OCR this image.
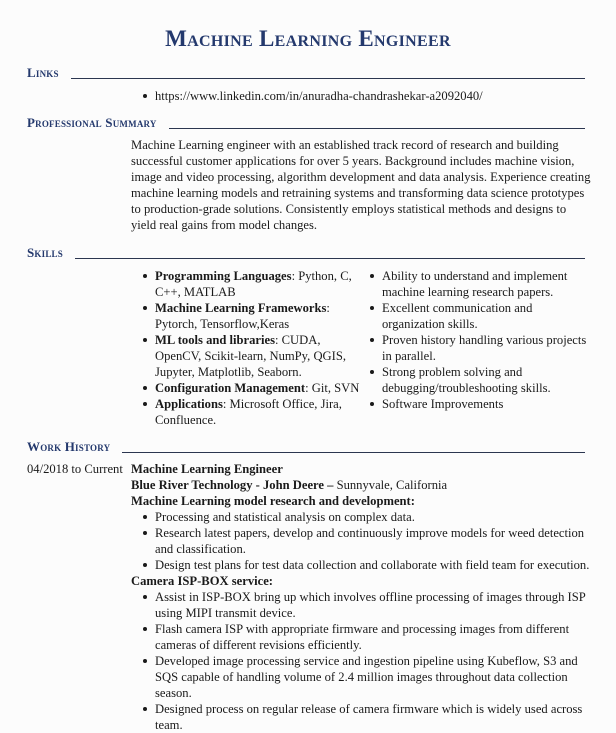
Machine Learning Engineer
Links
https://www.linkedin.com/in/anuradha-chandrashekar-a2092040/
Professional Summary

Machine Learning engineer with an established track record of research and building successful customer applications for over 5 years. Background includes machine vision, image and video processing, algorithm development and data analysis. Experience creating machine learning models and retraining systems and transforming data science prototypes to production-grade solutions. Consistently employs statistical methods and designs to yield real gains from model changes.

Skills
Programming Languages: Python, C, C++, MATLAB
Machine Learning Frameworks: Pytorch, Tensorflow,Keras
ML tools and libraries: CUDA, OpenCV, Scikit-learn, NumPy, QGIS, Jupyter, Matplotlib, Seaborn.
Configuration Management: Git, SVN
Applications: Microsoft Office, Jira, Confluence.
Ability to understand and implement machine learning research papers.
Excellent communication and organization skills.
Proven history handling various projects in parallel.
Strong problem solving and debugging/troubleshooting skills.
Software Improvements
Work History
04/2018 to Current Machine Learning Engineer
Blue River Technology - John Deere – Sunnyvale, California
Machine Learning model research and development:
Processing and statistical analysis on complex data.
Research latest papers, develop and continuously improve models for weed detection and classification.
Design test plans for test data collection and collaborate with field team for execution.
Camera ISP-BOX service:
Assist in ISP-BOX bring up which involves offline processing of images through ISP using MIPI transmit device.
Flash camera ISP with appropriate firmware and processing images from different cameras of different revisions efficiently.
Developed image processing service and ingestion pipeline using Kubeflow, S3 and SQS capable of handling volume of 2.4 million images throughout data collection season.
Designed process on regular release of camera firmware which is widely used across team.
